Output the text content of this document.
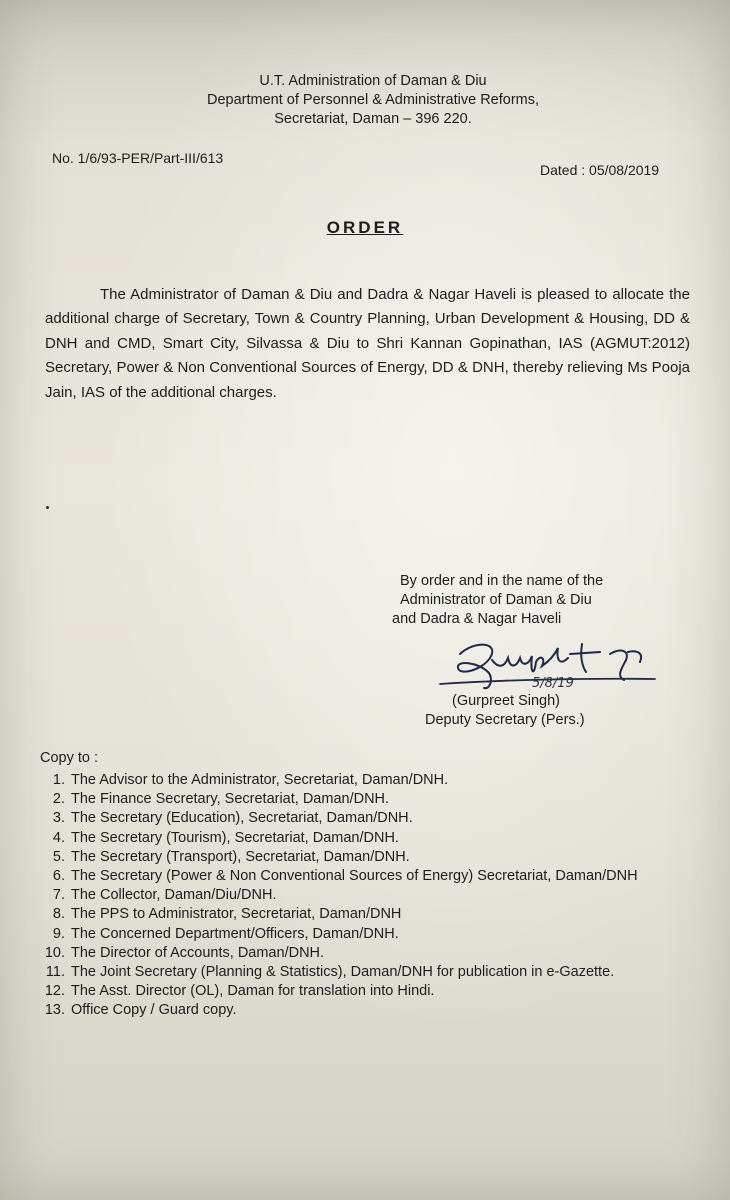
U.T. Administration of Daman & Diu
Department of Personnel & Administrative Reforms,
Secretariat, Daman – 396 220.
No. 1/6/93-PER/Part-III/613
Dated : 05/08/2019
ORDER
The Administrator of Daman & Diu and Dadra & Nagar Haveli is pleased to allocate the additional charge of Secretary, Town & Country Planning, Urban Development & Housing, DD & DNH and CMD, Smart City, Silvassa & Diu to Shri Kannan Gopinathan, IAS (AGMUT:2012) Secretary, Power & Non Conventional Sources of Energy, DD & DNH, thereby relieving Ms Pooja Jain, IAS of the additional charges.
By order and in the name of the
Administrator of Daman & Diu
and Dadra & Nagar Haveli
5/8/19
(Gurpreet Singh)
Deputy Secretary (Pers.)
Copy to :
1. The Advisor to the Administrator, Secretariat, Daman/DNH.
2. The Finance Secretary, Secretariat, Daman/DNH.
3. The Secretary (Education), Secretariat, Daman/DNH.
4. The Secretary (Tourism), Secretariat, Daman/DNH.
5. The Secretary (Transport), Secretariat, Daman/DNH.
6. The Secretary (Power & Non Conventional Sources of Energy) Secretariat, Daman/DNH
7. The Collector, Daman/Diu/DNH.
8. The PPS to Administrator, Secretariat, Daman/DNH
9. The Concerned Department/Officers, Daman/DNH.
10. The Director of Accounts, Daman/DNH.
11. The Joint Secretary (Planning & Statistics), Daman/DNH for publication in e-Gazette.
12. The Asst. Director (OL), Daman for translation into Hindi.
13. Office Copy / Guard copy.
